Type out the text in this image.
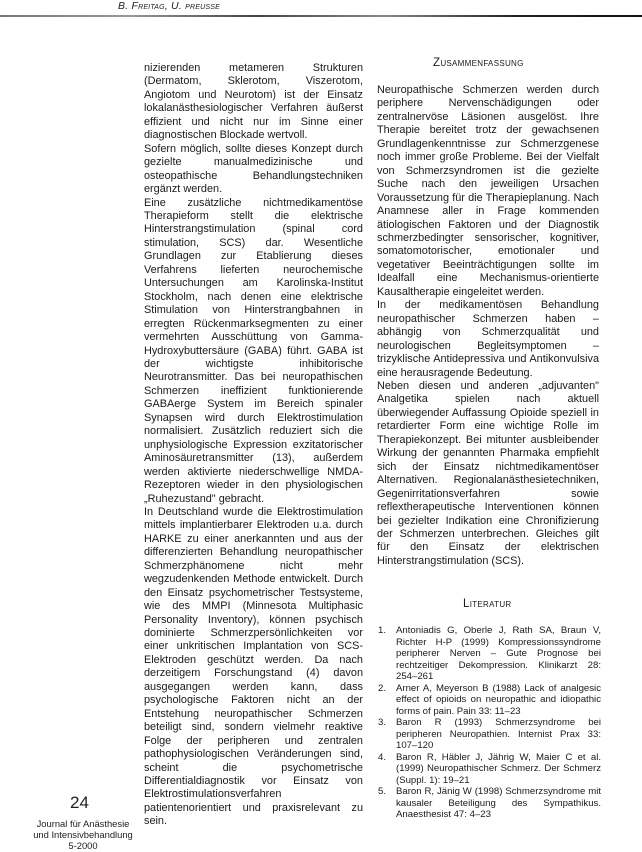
B. Freitag, U. preusse

nizierenden metameren Strukturen (Dermatom, Sklerotom, Viszerotom, Angiotom und Neurotom) ist der Einsatz lokalanästhesiologischer Verfahren äußerst effizient und nicht nur im Sinne einer diagnostischen Blockade wertvoll.

Sofern möglich, sollte dieses Konzept durch gezielte manualmedizinische und osteopathische Behandlungstechniken ergänzt werden.

Eine zusätzliche nichtmedikamentöse Therapieform stellt die elektrische Hinterstrangstimulation (spinal cord stimulation, SCS) dar. Wesentliche Grundlagen zur Etablierung dieses Verfahrens lieferten neurochemische Untersuchungen am Karolinska-Institut Stockholm, nach denen eine elektrische Stimulation von Hinterstrangbahnen in erregten Rückenmarksegmenten zu einer vermehrten Ausschüttung von Gamma-Hydroxybuttersäure (GABA) führt. GABA ist der wichtigste inhibitorische Neurotransmitter. Das bei neuropathischen Schmerzen ineffizient funktionierende GABAerge System im Bereich spinaler Synapsen wird durch Elektrostimulation normalisiert. Zusätzlich reduziert sich die unphysiologische Expression exzitatorischer Aminosäuretransmitter (13), außerdem werden aktivierte niederschwellige NMDA-Rezeptoren wieder in den physiologischen „Ruhezustand" gebracht.

In Deutschland wurde die Elektrostimulation mittels implantierbarer Elektroden u.a. durch HARKE zu einer anerkannten und aus der differenzierten Behandlung neuropathischer Schmerzphänomene nicht mehr wegzudenkenden Methode entwickelt. Durch den Einsatz psychometrischer Testsysteme, wie des MMPI (Minnesota Multiphasic Personality Inventory), können psychisch dominierte Schmerzpersönlichkeiten vor einer unkritischen Implantation von SCS-Elektroden geschützt werden. Da nach derzeitigem Forschungstand (4) davon ausgegangen werden kann, dass psychologische Faktoren nicht an der Entstehung neuropathischer Schmerzen beteiligt sind, sondern vielmehr reaktive Folge der peripheren und zentralen pathophysiologischen Veränderungen sind, scheint die psychometrische Differentialdiagnostik vor Einsatz von Elektrostimulationsverfahren patientenorientiert und praxisrelevant zu sein.

Zusammenfassung

Neuropathische Schmerzen werden durch periphere Nervenschädigungen oder zentralnervöse Läsionen ausgelöst. Ihre Therapie bereitet trotz der gewachsenen Grundlagenkenntnisse zur Schmerzgenese noch immer große Probleme. Bei der Vielfalt von Schmerzsyndromen ist die gezielte Suche nach den jeweiligen Ursachen Voraussetzung für die Therapieplanung. Nach Anamnese aller in Frage kommenden ätiologischen Faktoren und der Diagnostik schmerzbedingter sensorischer, kognitiver, somatomotorischer, emotionaler und vegetativer Beeinträchtigungen sollte im Idealfall eine Mechanismus-orientierte Kausaltherapie eingeleitet werden.

In der medikamentösen Behandlung neuropathischer Schmerzen haben – abhängig von Schmerzqualität und neurologischen Begleitsymptomen – trizyklische Antidepressiva und Antikonvulsiva eine herausragende Bedeutung.

Neben diesen und anderen „adjuvanten" Analgetika spielen nach aktuell überwiegender Auffassung Opioide speziell in retardierter Form eine wichtige Rolle im Therapiekonzept. Bei mitunter ausbleibender Wirkung der genannten Pharmaka empfiehlt sich der Einsatz nichtmedikamentöser Alternativen. Regionalanästhesietechniken, Gegenirritationsverfahren sowie reflextherapeutische Interventionen können bei gezielter Indikation eine Chronifizierung der Schmerzen unterbrechen. Gleiches gilt für den Einsatz der elektrischen Hinterstrangstimulation (SCS).

Literatur
1.	Antoniadis G, Oberle J, Rath SA, Braun V, Richter H-P (1999) Kompressionssyndrome peripherer Nerven – Gute Prognose bei rechtzeitiger Dekompression. Klinikarzt 28: 254–261
2.	Arner A, Meyerson B (1988) Lack of analgesic effect of opioids on neuropathic and idiopathic forms of pain. Pain 33: 11–23
3.	Baron R (1993) Schmerzsyndrome bei peripheren Neuropathien. Internist Prax 33: 107–120
4.	Baron R, Häbler J, Jährig W, Maier C et al. (1999) Neuropathischer Schmerz. Der Schmerz (Suppl. 1): 19–21
5.	Baron R, Jänig W (1998) Schmerzsyndrome mit kausaler Beteiligung des Sympathikus. Anaesthesist 47: 4–23
24
Journal für Anästhesie
und Intensivbehandlung
5-2000
